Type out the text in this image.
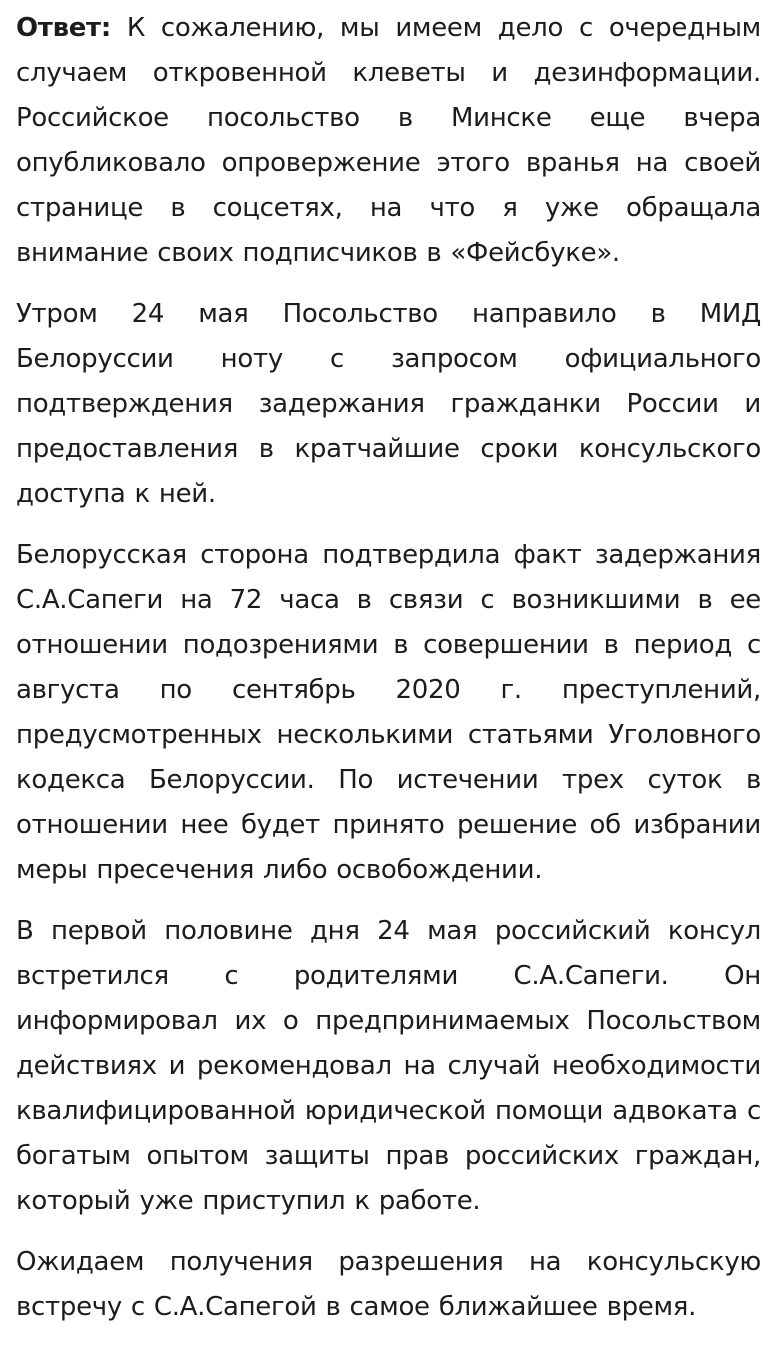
Ответ: К сожалению, мы имеем дело с очередным случаем откровенной клеветы и дезинформации. Российское посольство в Минске еще вчера опубликовало опровержение этого вранья на своей странице в соцсетях, на что я уже обращала внимание своих подписчиков в «Фейсбуке».

Утром 24 мая Посольство направило в МИД Белоруссии ноту с запросом официального подтверждения задержания гражданки России и предоставления в кратчайшие сроки консульского доступа к ней.

Белорусская сторона подтвердила факт задержания С.А.Сапеги на 72 часа в связи с возникшими в ее отношении подозрениями в совершении в период с августа по сентябрь 2020 г. преступлений, предусмотренных несколькими статьями Уголовного кодекса Белоруссии. По истечении трех суток в отношении нее будет принято решение об избрании меры пресечения либо освобождении.

В первой половине дня 24 мая российский консул встретился с родителями С.А.Сапеги. Он информировал их о предпринимаемых Посольством действиях и рекомендовал на случай необходимости квалифицированной юридической помощи адвоката с богатым опытом защиты прав российских граждан, который уже приступил к работе.

Ожидаем получения разрешения на консульскую встречу с С.А.Сапегой в самое ближайшее время.
